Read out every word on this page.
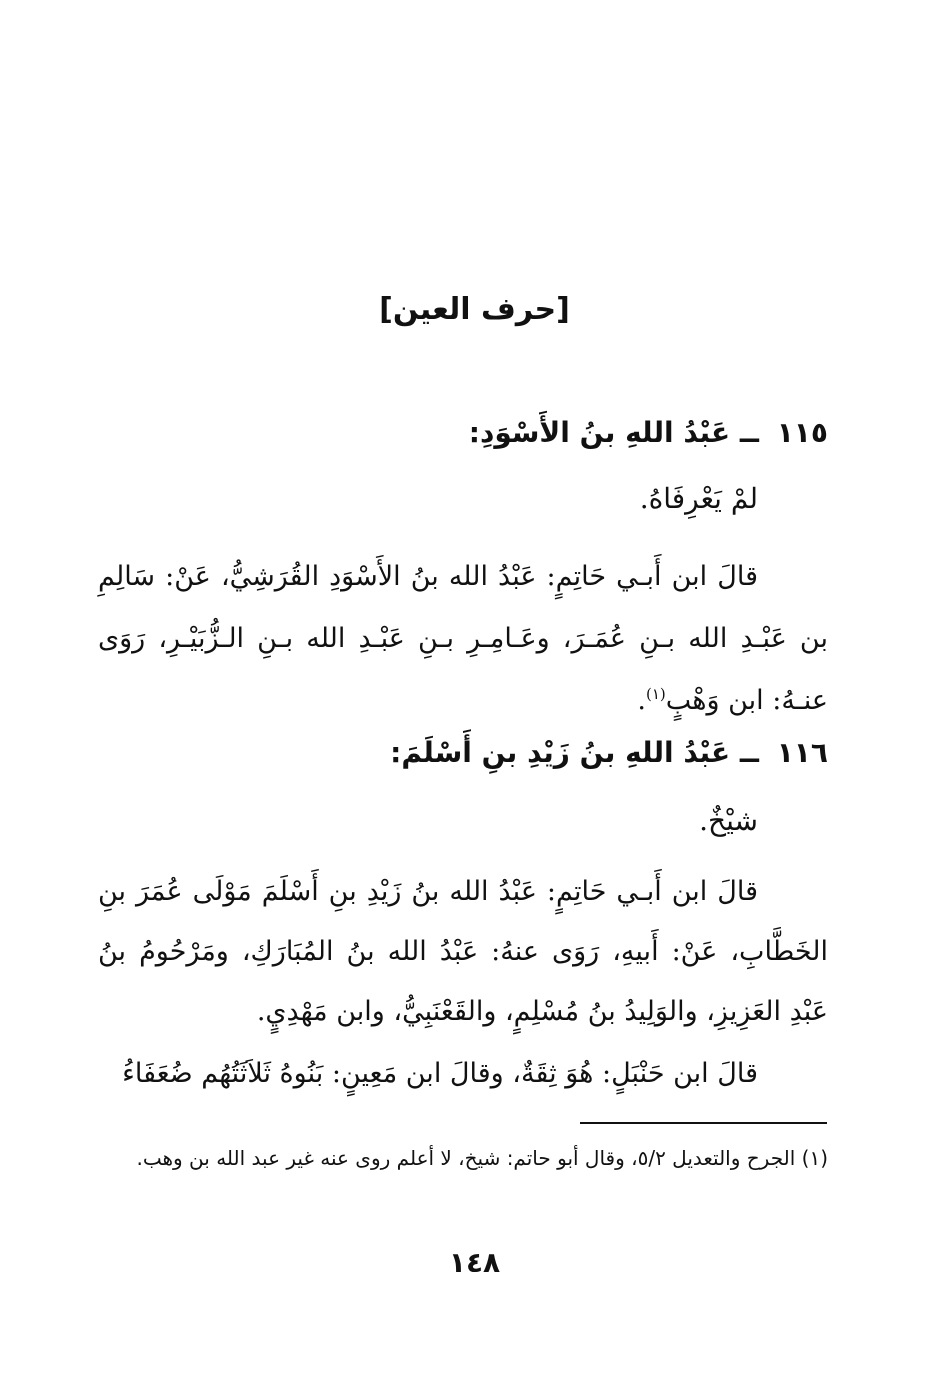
[حرف العين]
١١٥ ــ عَبْدُ اللهِ بنُ الأَسْوَدِ:
لمْ يَعْرِفَاهُ.
قالَ ابن أَبـي حَاتِمٍ: عَبْدُ الله بنُ الأَسْوَدِ القُرَشِيُّ، عَنْ: سَالِمِ بن عَبْـدِ الله بـنِ عُمَـرَ، وعَـامِـرِ بـنِ عَبْـدِ الله بـنِ الـزُّبَيْـرِ، رَوَى عنـهُ: ابن وَهْبٍ$^{(١)}$.
١١٦ ــ عَبْدُ اللهِ بنُ زَيْدِ بنِ أَسْلَمَ:
شيْخٌ.
قالَ ابن أَبـي حَاتِمٍ: عَبْدُ الله بنُ زَيْدِ بنِ أَسْلَمَ مَوْلَى عُمَرَ بنِ الخَطَّابِ، عَنْ: أَبيهِ، رَوَى عنهُ: عَبْدُ الله بنُ المُبَارَكِ، ومَرْحُومُ بنُ عَبْدِ العَزِيزِ، والوَلِيدُ بنُ مُسْلِمٍ، والقَعْنَبِيُّ، وابن مَهْدِيٍ.
قالَ ابن حَنْبَلٍ: هُوَ ثِقَةٌ، وقالَ ابن مَعِينٍ: بَنُوهُ ثَلاَثَتُهُم ضُعَفَاءُ
(١) الجرح والتعديل ٥/٢، وقال أبو حاتم: شيخ، لا أعلم روى عنه غير عبد الله بن وهب.
١٤٨
